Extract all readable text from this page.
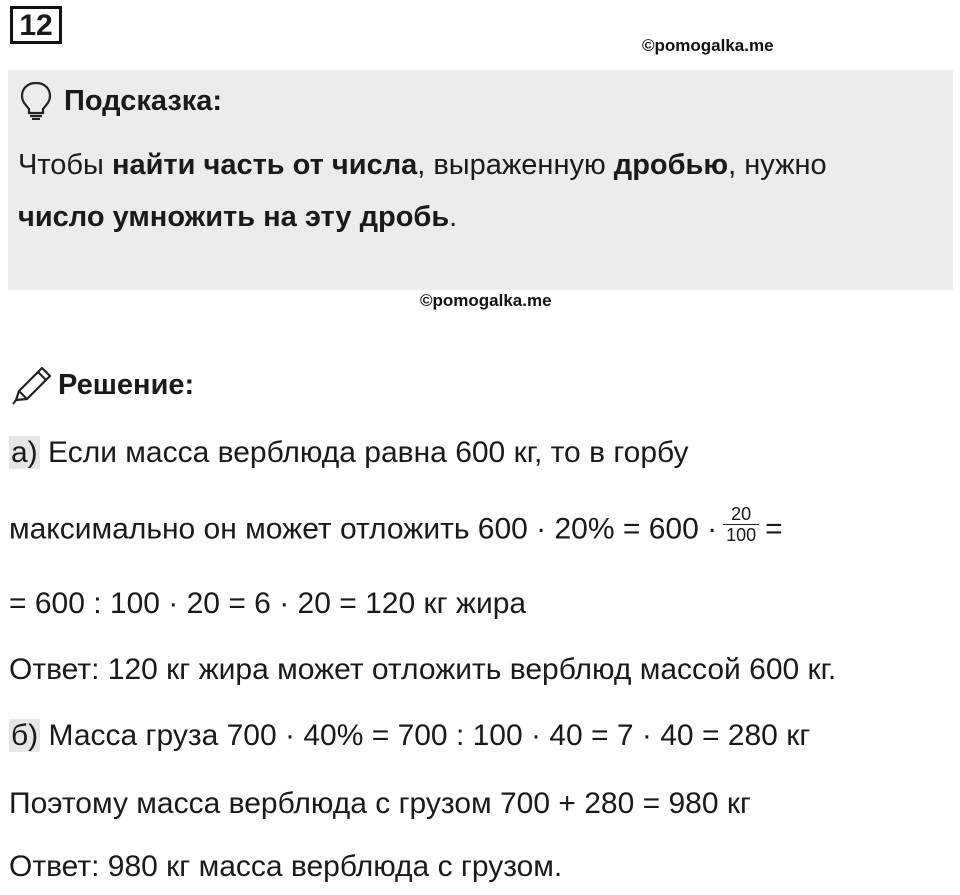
12
©pomogalka.me
Подсказка:
Чтобы найти часть от числа, выраженную дробью, нужно
число умножить на эту дробь.
©pomogalka.me
Решение:
а) Если масса верблюда равна 600 кг, то в горбу
максимально он может отложить $600 \cdot 20\% = 600 \cdot \frac{20}{100}$ =
= 600 : 100 · 20 = 6 · 20 = 120 кг жира
Ответ: 120 кг жира может отложить верблюд массой 600 кг.
б) Масса груза 700 · 40% = 700 : 100 · 40 = 7 · 40 = 280 кг
Поэтому масса верблюда с грузом 700 + 280 = 980 кг
Ответ: 980 кг масса верблюда с грузом.
